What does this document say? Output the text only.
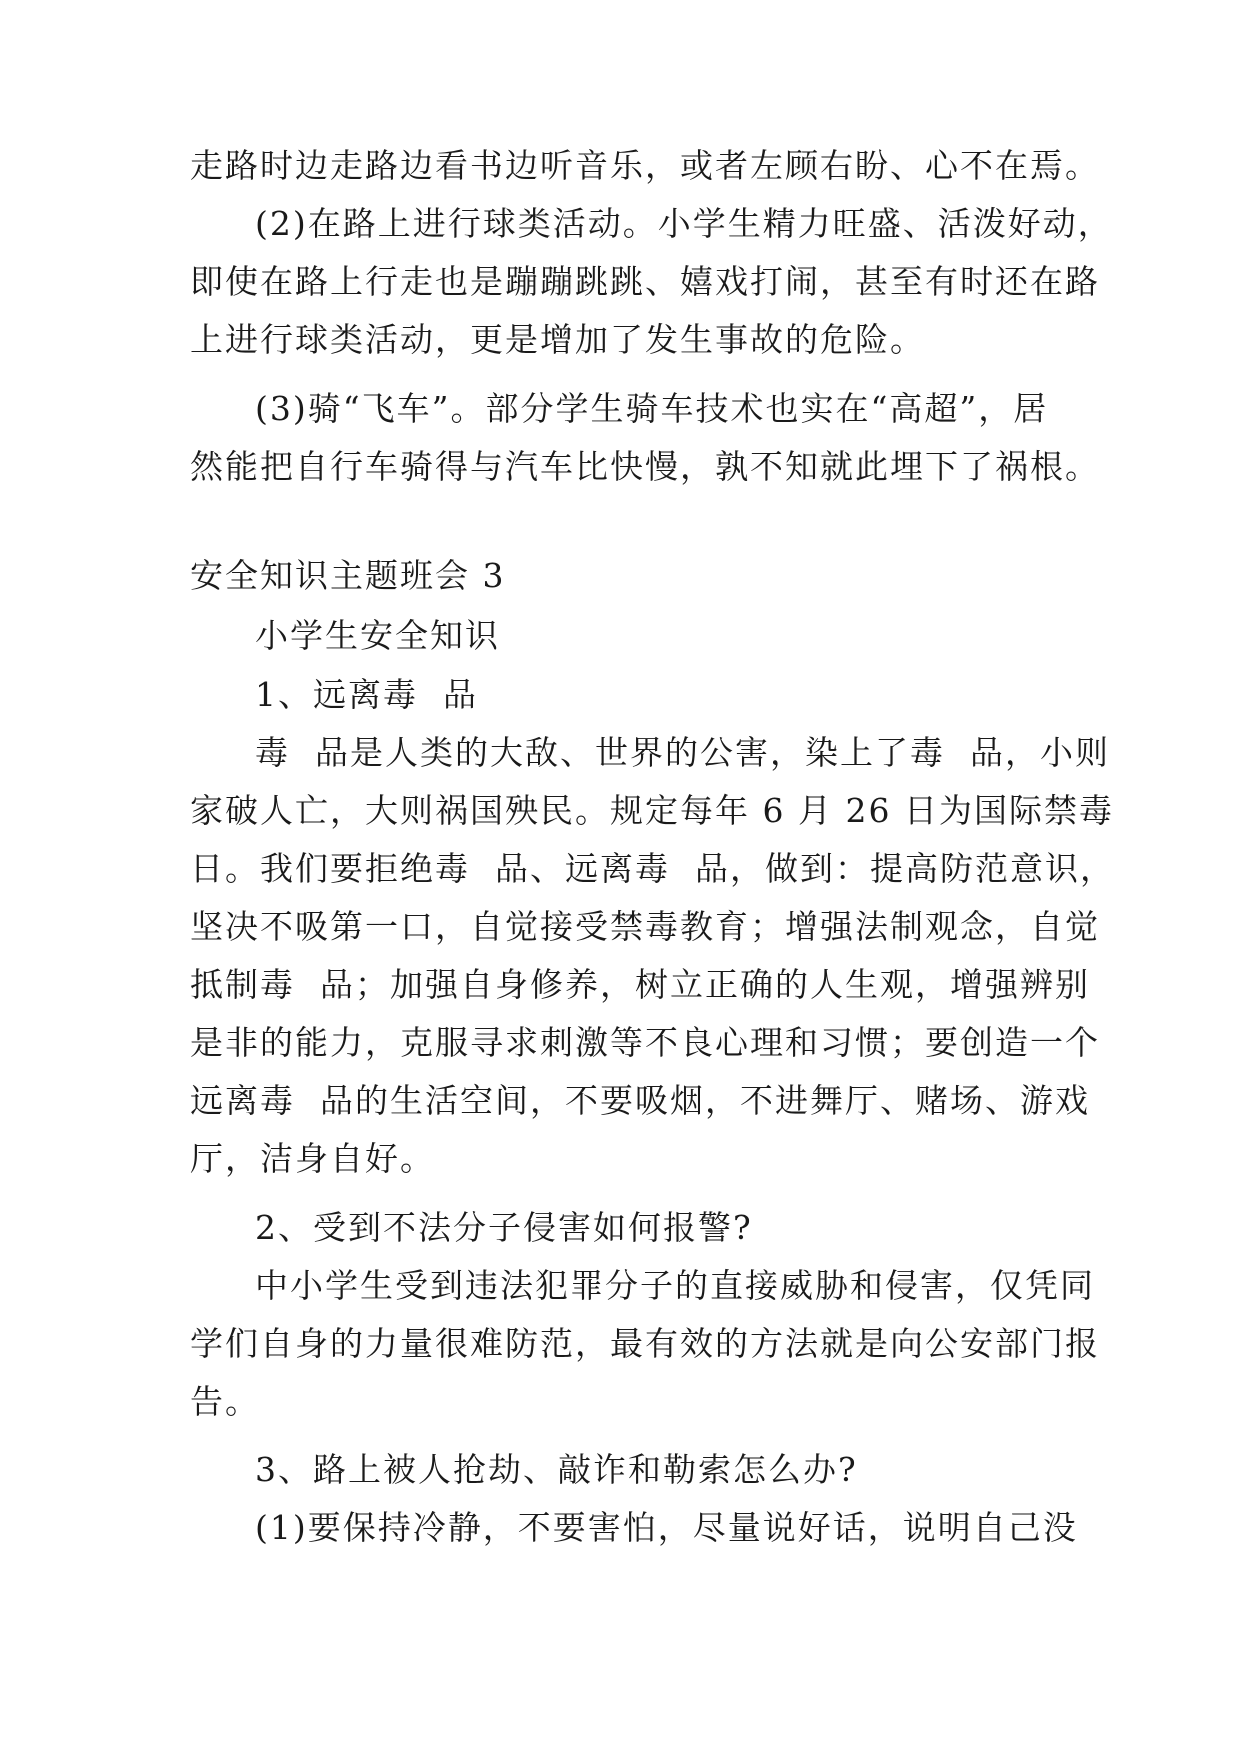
走路时边走路边看书边听音乐，或者左顾右盼、心不在焉。

(2)在路上进行球类活动。小学生精力旺盛、活泼好动，

即使在路上行走也是蹦蹦跳跳、嬉戏打闹，甚至有时还在路

上进行球类活动，更是增加了发生事故的危险。

(3)骑“飞车”。部分学生骑车技术也实在“高超”，居

然能把自行车骑得与汽车比快慢，孰不知就此埋下了祸根。

安全知识主题班会 3

小学生安全知识

1、远离毒  品

毒  品是人类的大敌、世界的公害，染上了毒  品，小则

家破人亡，大则祸国殃民。规定每年 6 月 26 日为国际禁毒

日。我们要拒绝毒  品、远离毒  品，做到：提高防范意识，

坚决不吸第一口，自觉接受禁毒教育；增强法制观念，自觉

抵制毒  品；加强自身修养，树立正确的人生观，增强辨别

是非的能力，克服寻求刺激等不良心理和习惯；要创造一个

远离毒  品的生活空间，不要吸烟，不进舞厅、赌场、游戏

厅，洁身自好。

2、受到不法分子侵害如何报警?

中小学生受到违法犯罪分子的直接威胁和侵害，仅凭同

学们自身的力量很难防范，最有效的方法就是向公安部门报

告。

3、路上被人抢劫、敲诈和勒索怎么办?

(1)要保持冷静，不要害怕，尽量说好话，说明自己没
